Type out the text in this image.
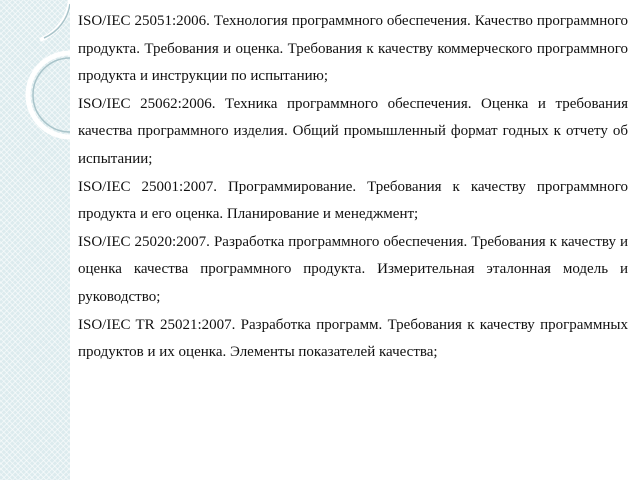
ISO/IEC 25051:2006. Технология программного обеспечения. Качество программного продукта. Требования и оценка. Требования к качеству коммерческого программного продукта и инструкции по испытанию;

ISO/IEC 25062:2006. Техника программного обеспечения. Оценка и требования качества программного изделия. Общий промышленный формат годных к отчету об испытании;

ISO/IEC 25001:2007. Программирование. Требования к качеству программного продукта и его оценка. Планирование и менеджмент;

ISO/IEC 25020:2007. Разработка программного обеспечения. Требования к качеству и оценка качества программного продукта. Измерительная эталонная модель и руководство;

ISO/IEC TR 25021:2007. Разработка программ. Требования к качеству программных продуктов и их оценка. Элементы показателей качества;
